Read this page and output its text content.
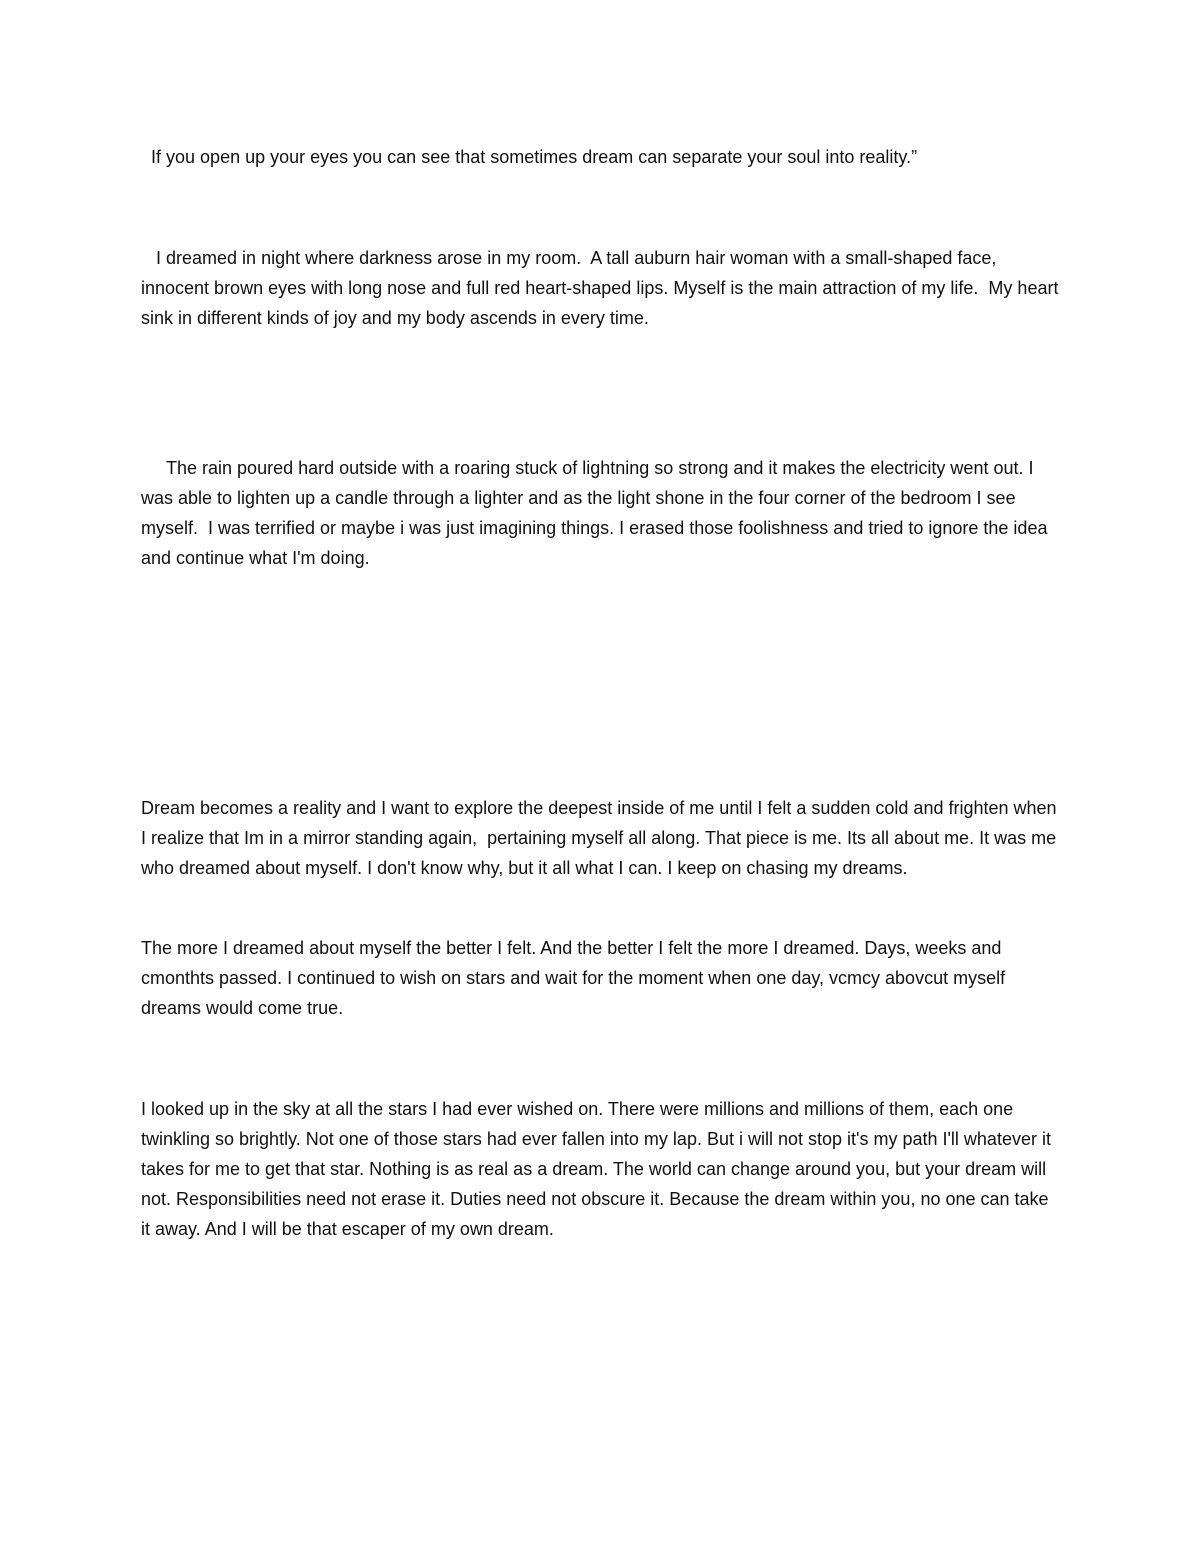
If you open up your eyes you can see that sometimes dream can separate your soul into reality.”

I dreamed in night where darkness arose in my room.  A tall auburn hair woman with a small-shaped face, innocent brown eyes with long nose and full red heart-shaped lips. Myself is the main attraction of my life.  My heart sink in different kinds of joy and my body ascends in every time.

The rain poured hard outside with a roaring stuck of lightning so strong and it makes the electricity went out. I was able to lighten up a candle through a lighter and as the light shone in the four corner of the bedroom I see myself.  I was terrified or maybe i was just imagining things. I erased those foolishness and tried to ignore the idea and continue what I'm doing.

Dream becomes a reality and I want to explore the deepest inside of me until I felt a sudden cold and frighten when I realize that Im in a mirror standing again,  pertaining myself all along. That piece is me. Its all about me. It was me who dreamed about myself. I don't know why, but it all what I can. I keep on chasing my dreams.

The more I dreamed about myself the better I felt. And the better I felt the more I dreamed. Days, weeks and cmonthts passed. I continued to wish on stars and wait for the moment when one day, vcmcy abovcut myself dreams would come true.

I looked up in the sky at all the stars I had ever wished on. There were millions and millions of them, each one twinkling so brightly. Not one of those stars had ever fallen into my lap. But i will not stop it's my path I'll whatever it takes for me to get that star. Nothing is as real as a dream. The world can change around you, but your dream will not. Responsibilities need not erase it. Duties need not obscure it. Because the dream within you, no one can take it away. And I will be that escaper of my own dream.
